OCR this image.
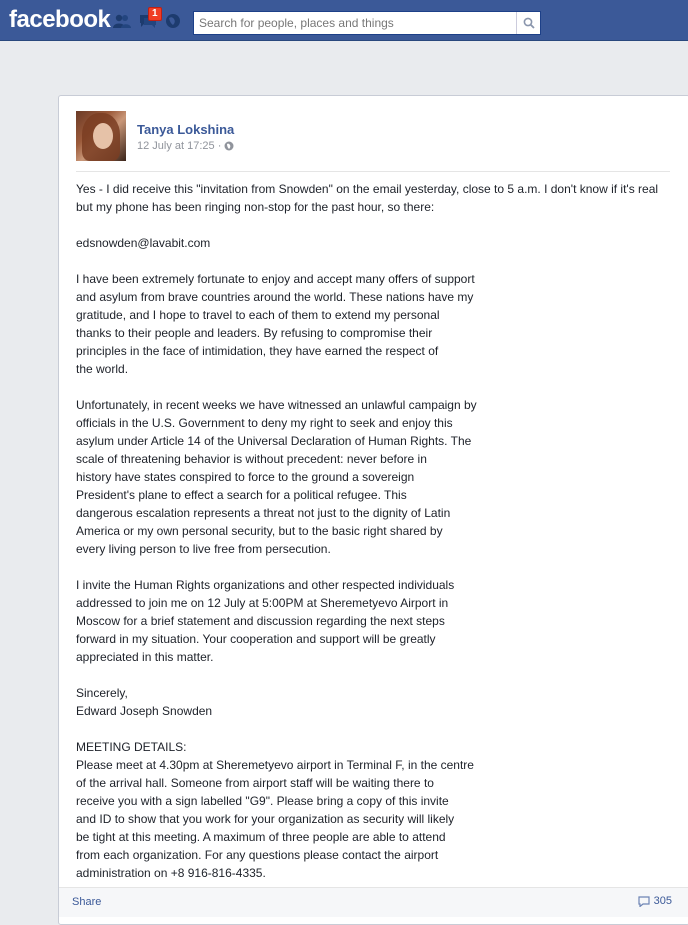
facebook	1
Search for people, places and things
Tanya Lokshina
12 July at 17:25 ·

Yes - I did receive this "invitation from Snowden" on the email yesterday, close to 5 a.m. I don't know if it's real but my phone has been ringing non-stop for the past hour, so there:

edsnowden@lavabit.com

I have been extremely fortunate to enjoy and accept many offers of support
and asylum from brave countries around the world. These nations have my
gratitude, and I hope to travel to each of them to extend my personal
thanks to their people and leaders. By refusing to compromise their
principles in the face of intimidation, they have earned the respect of
the world.

Unfortunately, in recent weeks we have witnessed an unlawful campaign by
officials in the U.S. Government to deny my right to seek and enjoy this
asylum under Article 14 of the Universal Declaration of Human Rights. The
scale of threatening behavior is without precedent: never before in
history have states conspired to force to the ground a sovereign
President's plane to effect a search for a political refugee. This
dangerous escalation represents a threat not just to the dignity of Latin
America or my own personal security, but to the basic right shared by
every living person to live free from persecution.

I invite the Human Rights organizations and other respected individuals
addressed to join me on 12 July at 5:00PM at Sheremetyevo Airport in
Moscow for a brief statement and discussion regarding the next steps
forward in my situation. Your cooperation and support will be greatly
appreciated in this matter.

Sincerely,
Edward Joseph Snowden

MEETING DETAILS:
Please meet at 4.30pm at Sheremetyevo airport in Terminal F, in the centre
of the arrival hall. Someone from airport staff will be waiting there to
receive you with a sign labelled "G9". Please bring a copy of this invite
and ID to show that you work for your organization as security will likely
be tight at this meeting. A maximum of three people are able to attend
from each organization. For any questions please contact the airport
administration on +8 916-816-4335.

Share	305
